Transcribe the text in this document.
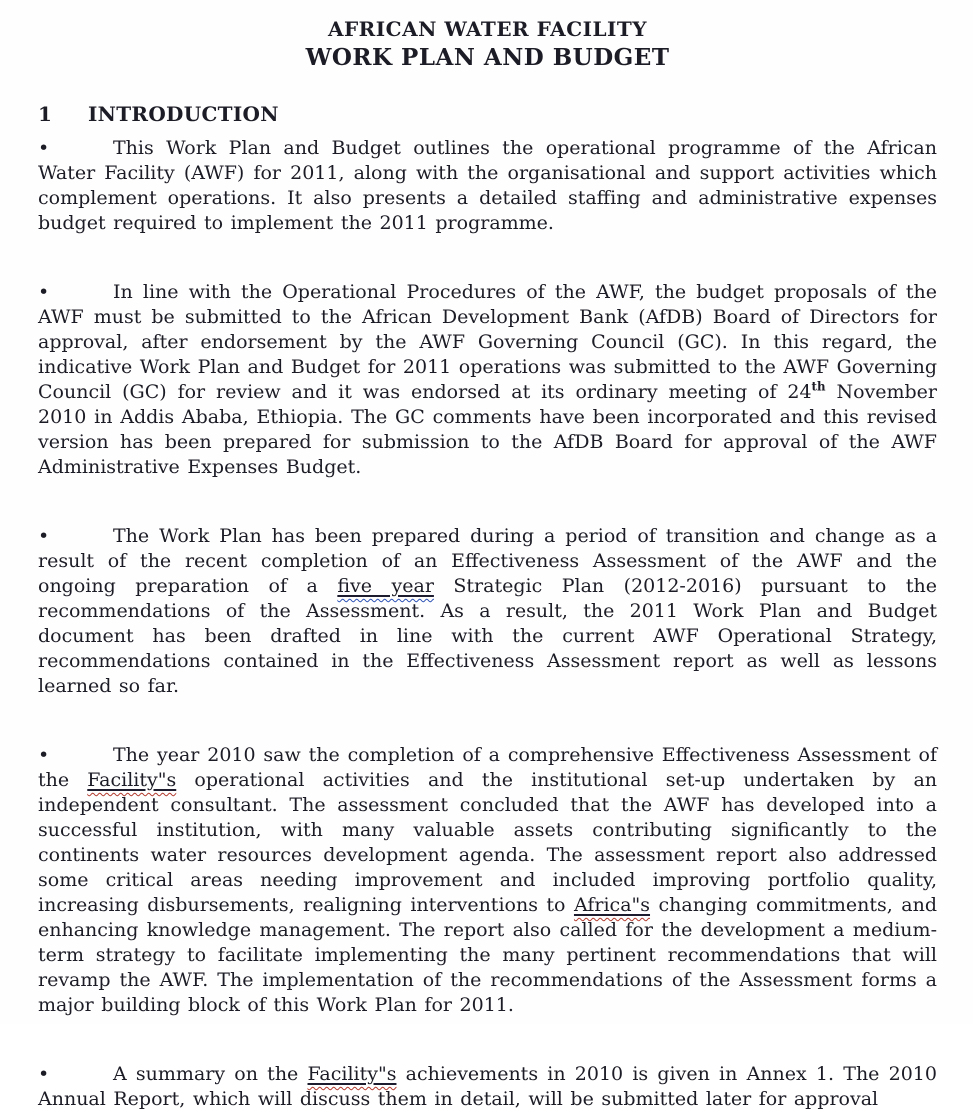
AFRICAN WATER FACILITY
WORK PLAN AND BUDGET
1 INTRODUCTION

•	This Work Plan and Budget outlines the operational programme of the African Water Facility (AWF) for 2011, along with the organisational and support activities which complement operations. It also presents a detailed staffing and administrative expenses budget required to implement the 2011 programme.

•	In line with the Operational Procedures of the AWF, the budget proposals of the AWF must be submitted to the African Development Bank (AfDB) Board of Directors for approval, after endorsement by the AWF Governing Council (GC). In this regard, the indicative Work Plan and Budget for 2011 operations was submitted to the AWF Governing Council (GC) for review and it was endorsed at its ordinary meeting of 24th November 2010 in Addis Ababa, Ethiopia. The GC comments have been incorporated and this revised version has been prepared for submission to the AfDB Board for approval of the AWF Administrative Expenses Budget.

•	The Work Plan has been prepared during a period of transition and change as a result of the recent completion of an Effectiveness Assessment of the AWF and the ongoing preparation of a five year Strategic Plan (2012-2016) pursuant to the recommendations of the Assessment. As a result, the 2011 Work Plan and Budget document has been drafted in line with the current AWF Operational Strategy, recommendations contained in the Effectiveness Assessment report as well as lessons learned so far.

•	The year 2010 saw the completion of a comprehensive Effectiveness Assessment of the Facility"s operational activities and the institutional set-up undertaken by an independent consultant. The assessment concluded that the AWF has developed into a successful institution, with many valuable assets contributing significantly to the continents water resources development agenda. The assessment report also addressed some critical areas needing improvement and included improving portfolio quality, increasing disbursements, realigning interventions to Africa"s changing commitments, and enhancing knowledge management. The report also called for the development a medium-term strategy to facilitate implementing the many pertinent recommendations that will revamp the AWF. The implementation of the recommendations of the Assessment forms a major building block of this Work Plan for 2011.

•	A summary on the Facility"s achievements in 2010 is given in Annex 1. The 2010 Annual Report, which will discuss them in detail, will be submitted later for approval
